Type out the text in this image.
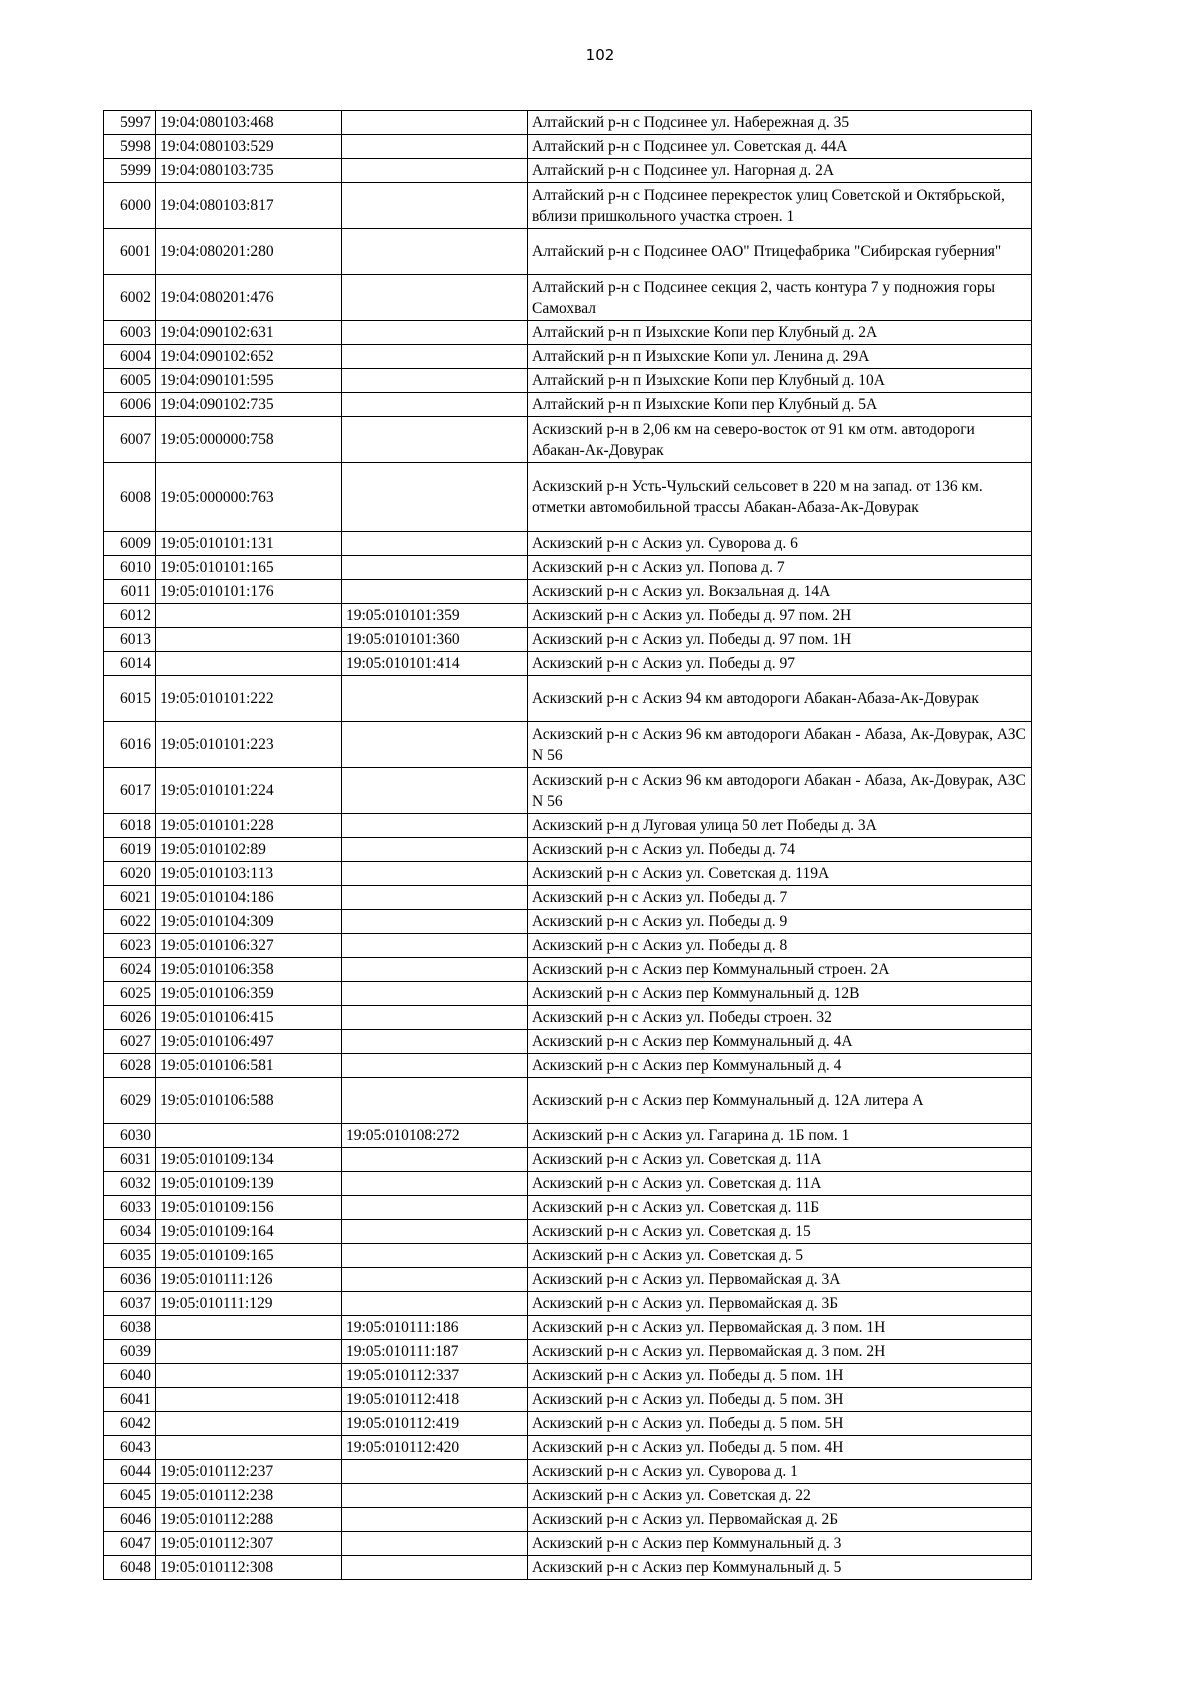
102
5997	19:04:080103:468		Алтайский р-н с Подсинее ул. Набережная д. 35
5998	19:04:080103:529		Алтайский р-н с Подсинее ул. Советская д. 44А
5999	19:04:080103:735		Алтайский р-н с Подсинее ул. Нагорная д. 2А
6000	19:04:080103:817		Алтайский р-н с Подсинее перекресток улиц Советской и Октябрьской, вблизи пришкольного участка строен. 1
6001	19:04:080201:280		Алтайский р-н с Подсинее ОАО" Птицефабрика "Сибирская губерния"
6002	19:04:080201:476		Алтайский р-н с Подсинее секция 2, часть контура 7 у подножия горы Самохвал
6003	19:04:090102:631		Алтайский р-н п Изыхские Копи пер Клубный д. 2А
6004	19:04:090102:652		Алтайский р-н п Изыхские Копи ул. Ленина д. 29А
6005	19:04:090101:595		Алтайский р-н п Изыхские Копи пер Клубный д. 10А
6006	19:04:090102:735		Алтайский р-н п Изыхские Копи пер Клубный д. 5А
6007	19:05:000000:758		Аскизский р-н в 2,06 км на северо-восток от 91 км отм. автодороги Абакан-Ак-Довурак
6008	19:05:000000:763		Аскизский р-н Усть-Чульский сельсовет в 220 м на запад. от 136 км. отметки автомобильной трассы Абакан-Абаза-Ак-Довурак
6009	19:05:010101:131		Аскизский р-н с Аскиз ул. Суворова д. 6
6010	19:05:010101:165		Аскизский р-н с Аскиз ул. Попова д. 7
6011	19:05:010101:176		Аскизский р-н с Аскиз ул. Вокзальная д. 14А
6012		19:05:010101:359	Аскизский р-н с Аскиз ул. Победы д. 97 пом. 2Н
6013		19:05:010101:360	Аскизский р-н с Аскиз ул. Победы д. 97 пом. 1Н
6014		19:05:010101:414	Аскизский р-н с Аскиз ул. Победы д. 97
6015	19:05:010101:222		Аскизский р-н с Аскиз 94 км автодороги Абакан-Абаза-Ак-Довурак
6016	19:05:010101:223		Аскизский р-н с Аскиз 96 км автодороги Абакан - Абаза, Ак-Довурак, АЗС N 56
6017	19:05:010101:224		Аскизский р-н с Аскиз 96 км автодороги Абакан - Абаза, Ак-Довурак, АЗС N 56
6018	19:05:010101:228		Аскизский р-н д Луговая улица 50 лет Победы д. 3А
6019	19:05:010102:89		Аскизский р-н с Аскиз ул. Победы д. 74
6020	19:05:010103:113		Аскизский р-н с Аскиз ул. Советская д. 119А
6021	19:05:010104:186		Аскизский р-н с Аскиз ул. Победы д. 7
6022	19:05:010104:309		Аскизский р-н с Аскиз ул. Победы д. 9
6023	19:05:010106:327		Аскизский р-н с Аскиз ул. Победы д. 8
6024	19:05:010106:358		Аскизский р-н с Аскиз пер Коммунальный строен. 2А
6025	19:05:010106:359		Аскизский р-н с Аскиз пер Коммунальный д. 12В
6026	19:05:010106:415		Аскизский р-н с Аскиз ул. Победы строен. 32
6027	19:05:010106:497		Аскизский р-н с Аскиз пер Коммунальный д. 4А
6028	19:05:010106:581		Аскизский р-н с Аскиз пер Коммунальный д. 4
6029	19:05:010106:588		Аскизский р-н с Аскиз пер Коммунальный д. 12А литера А
6030		19:05:010108:272	Аскизский р-н с Аскиз ул. Гагарина д. 1Б пом. 1
6031	19:05:010109:134		Аскизский р-н с Аскиз ул. Советская д. 11А
6032	19:05:010109:139		Аскизский р-н с Аскиз ул. Советская д. 11А
6033	19:05:010109:156		Аскизский р-н с Аскиз ул. Советская д. 11Б
6034	19:05:010109:164		Аскизский р-н с Аскиз ул. Советская д. 15
6035	19:05:010109:165		Аскизский р-н с Аскиз ул. Советская д. 5
6036	19:05:010111:126		Аскизский р-н с Аскиз ул. Первомайская д. 3А
6037	19:05:010111:129		Аскизский р-н с Аскиз ул. Первомайская д. 3Б
6038		19:05:010111:186	Аскизский р-н с Аскиз ул. Первомайская д. 3 пом. 1Н
6039		19:05:010111:187	Аскизский р-н с Аскиз ул. Первомайская д. 3 пом. 2Н
6040		19:05:010112:337	Аскизский р-н с Аскиз ул. Победы д. 5 пом. 1Н
6041		19:05:010112:418	Аскизский р-н с Аскиз ул. Победы д. 5 пом. 3Н
6042		19:05:010112:419	Аскизский р-н с Аскиз ул. Победы д. 5 пом. 5Н
6043		19:05:010112:420	Аскизский р-н с Аскиз ул. Победы д. 5 пом. 4Н
6044	19:05:010112:237		Аскизский р-н с Аскиз ул. Суворова д. 1
6045	19:05:010112:238		Аскизский р-н с Аскиз ул. Советская д. 22
6046	19:05:010112:288		Аскизский р-н с Аскиз ул. Первомайская д. 2Б
6047	19:05:010112:307		Аскизский р-н с Аскиз пер Коммунальный д. 3
6048	19:05:010112:308		Аскизский р-н с Аскиз пер Коммунальный д. 5
